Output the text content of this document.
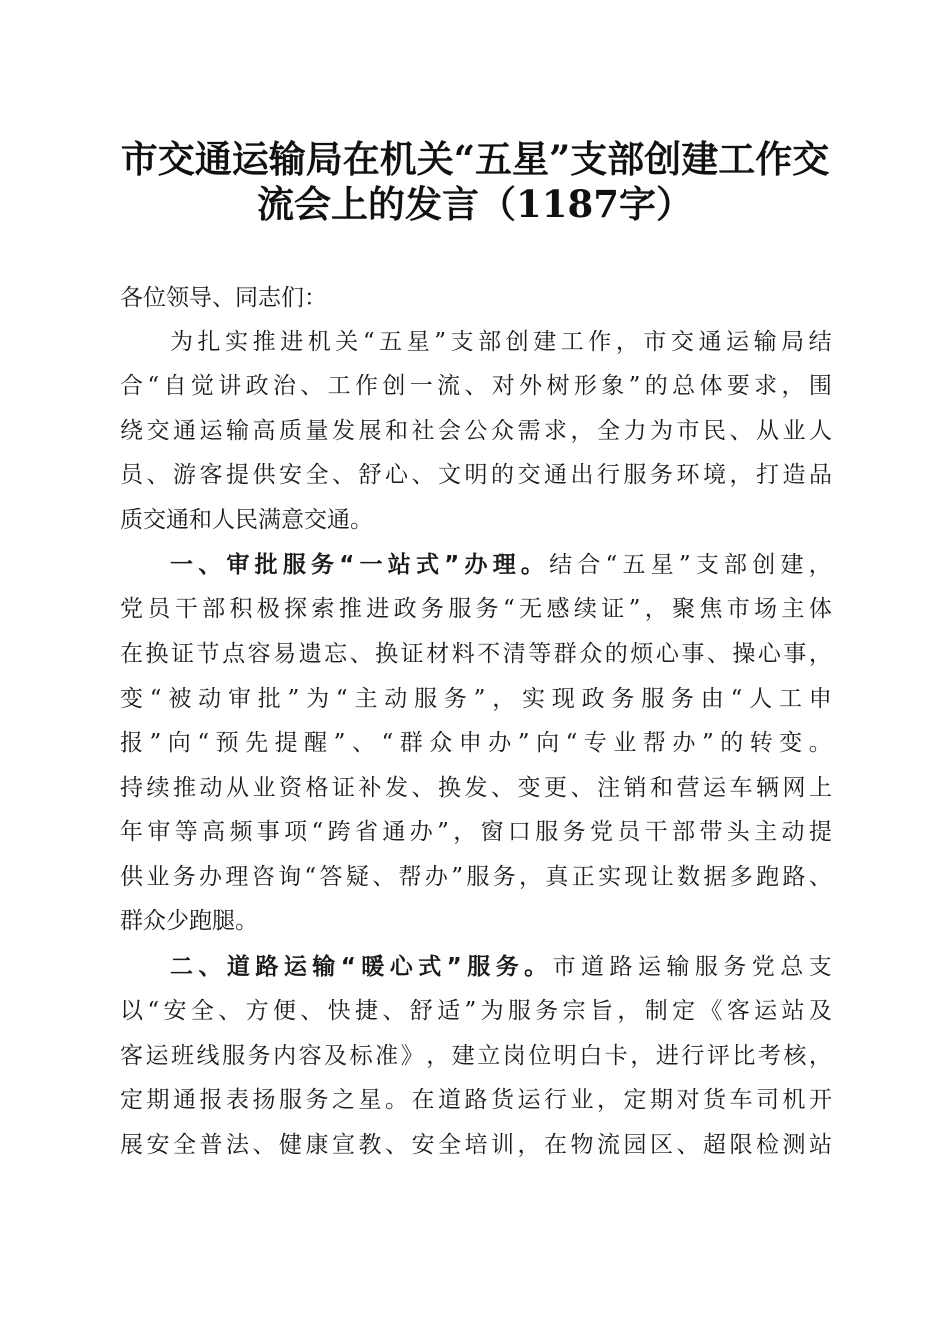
市交通运输局在机关“五星”支部创建工作交
流会上的发言（1187字）
各位领导、同志们：
为 扎 实 推 进 机 关 “ 五 星 ” 支 部 创 建 工 作 ， 市 交 通 运 输 局 结
合 “ 自 觉 讲 政 治 、 工 作 创 一 流 、 对 外 树 形 象 ” 的 总 体 要 求 ， 围
绕 交 通 运 输 高 质 量 发 展 和 社 会 公 众 需 求 ， 全 力 为 市 民 、 从 业 人
员 、 游 客 提 供 安 全 、 舒 心 、 文 明 的 交 通 出 行 服 务 环 境 ， 打 造 品
质交通和人民满意交通。
一 、 审 批 服 务 “ 一 站 式 ” 办 理 。 结 合 “ 五 星 ” 支 部 创 建 ，
党 员 干 部 积 极 探 索 推 进 政 务 服 务 “ 无 感 续 证 ” ， 聚 焦 市 场 主 体
在 换 证 节 点 容 易 遗 忘 、 换 证 材 料 不 清 等 群 众 的 烦 心 事 、 操 心 事 ，
变 “ 被 动 审 批 ” 为 “ 主 动 服 务 ” ， 实 现 政 务 服 务 由 “ 人 工 申
报 ” 向 “ 预 先 提 醒 ” 、 “ 群 众 申 办 ” 向 “ 专 业 帮 办 ” 的 转 变 。
持 续 推 动 从 业 资 格 证 补 发 、 换 发 、 变 更 、 注 销 和 营 运 车 辆 网 上
年 审 等 高 频 事 项 “ 跨 省 通 办 ” ， 窗 口 服 务 党 员 干 部 带 头 主 动 提
供 业 务 办 理 咨 询 “ 答 疑 、 帮 办 ” 服 务 ， 真 正 实 现 让 数 据 多 跑 路 、
群众少跑腿。
二 、 道 路 运 输 “ 暖 心 式 ” 服 务 。 市 道 路 运 输 服 务 党 总 支
以 “ 安 全 、 方 便 、 快 捷 、 舒 适 ” 为 服 务 宗 旨 ， 制 定 《 客 运 站 及
客 运 班 线 服 务 内 容 及 标 准 》 ， 建 立 岗 位 明 白 卡 ， 进 行 评 比 考 核 ，
定 期 通 报 表 扬 服 务 之 星 。 在 道 路 货 运 行 业 ， 定 期 对 货 车 司 机 开
展 安 全 普 法 、 健 康 宣 教 、 安 全 培 训 ， 在 物 流 园 区 、 超 限 检 测 站
